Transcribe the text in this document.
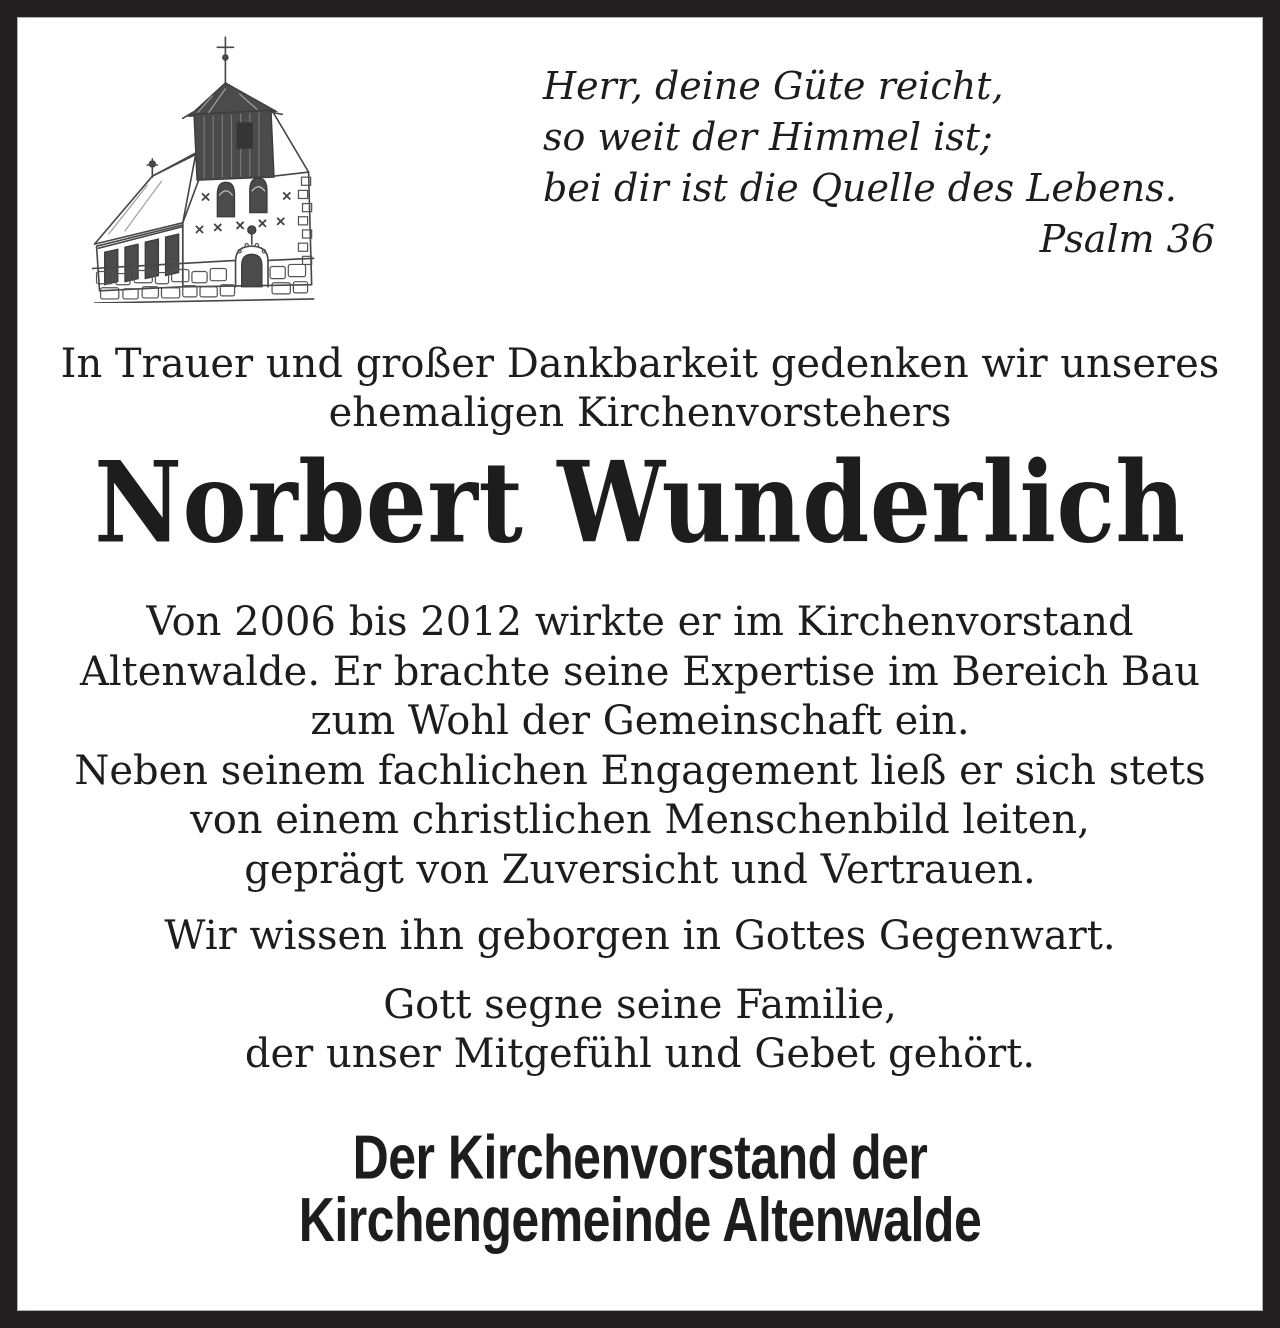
Herr, deine Güte reicht,
so weit der Himmel ist;
bei dir ist die Quelle des Lebens.
Psalm 36
In Trauer und großer Dankbarkeit gedenken wir unseres
ehemaligen Kirchenvorstehers
Norbert Wunderlich
Von 2006 bis 2012 wirkte er im Kirchenvorstand
Altenwalde. Er brachte seine Expertise im Bereich Bau
zum Wohl der Gemeinschaft ein.
Neben seinem fachlichen Engagement ließ er sich stets
von einem christlichen Menschenbild leiten,
geprägt von Zuversicht und Vertrauen.
Wir wissen ihn geborgen in Gottes Gegenwart.
Gott segne seine Familie,
der unser Mitgefühl und Gebet gehört.
Der Kirchenvorstand der
Kirchengemeinde Altenwalde
